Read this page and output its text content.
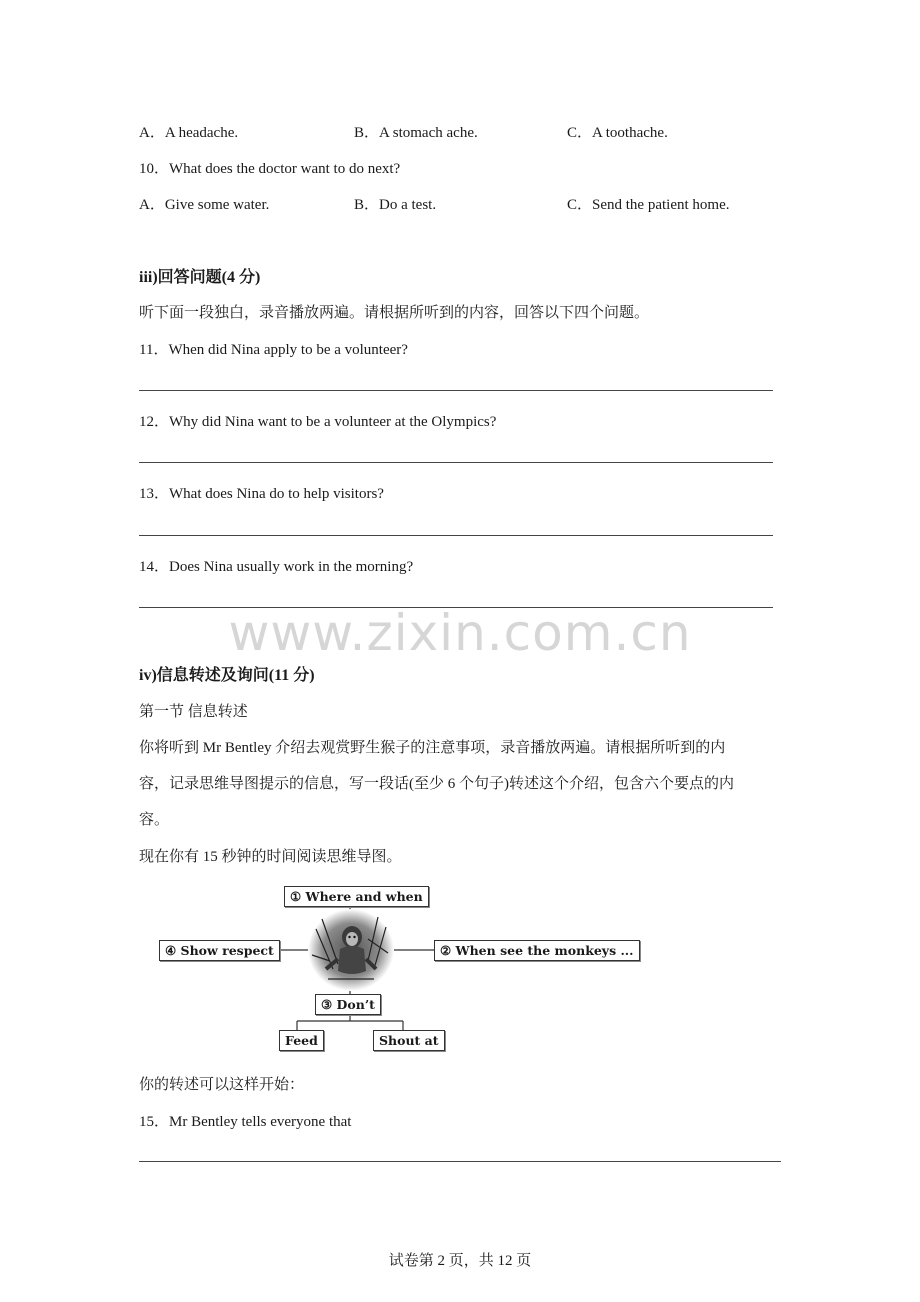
A．A headache.	B．A stomach ache.	C．A toothache.
10．What does the doctor want to do next?
A．Give some water.	B．Do a test.	C．Send the patient home.
iii)回答问题(4 分)
听下面一段独白，录音播放两遍。请根据所听到的内容，回答以下四个问题。
11．When did Nina apply to be a volunteer?
12．Why did Nina want to be a volunteer at the Olympics?
13．What does Nina do to help visitors?
14．Does Nina usually work in the morning?
www.zixin.com.cn
iv)信息转述及询问(11 分)
第一节 信息转述
你将听到 Mr Bentley 介绍去观赏野生猴子的注意事项，录音播放两遍。请根据所听到的内
容，记录思维导图提示的信息，写一段话(至少 6 个句子)转述这个介绍，包含六个要点的内
容。
现在你有 15 秒钟的时间阅读思维导图。
① Where and when
④ Show respect	② When see the monkeys ...
③ Don’t
Feed	Shout at
你的转述可以这样开始：
15．Mr Bentley tells everyone that
试卷第 2 页，共 12 页
